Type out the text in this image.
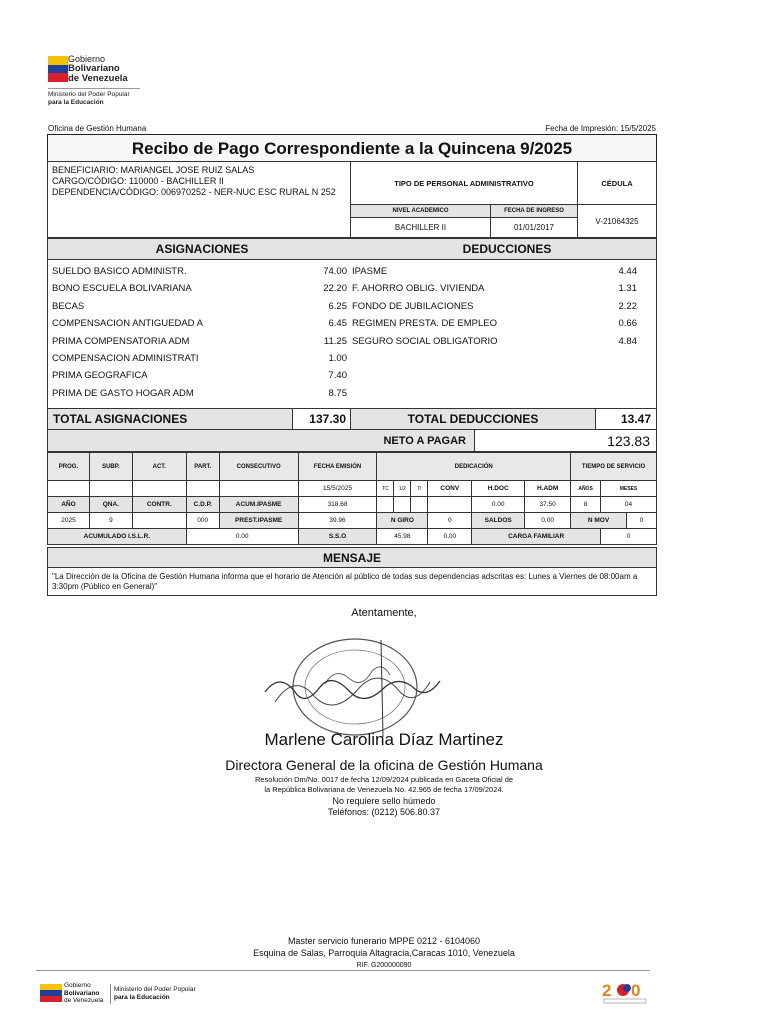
Gobierno
Bolivariano
de Venezuela
Ministerio del Poder Popular
para la Educación
Oficina de Gestión Humana	Fecha de Impresión: 15/5/2025
Recibo de Pago Correspondiente a la Quincena 9/2025
BENEFICIARIO: MARIANGEL JOSE RUIZ SALAS
CARGO/CÓDIGO: 110000 - BACHILLER II
DEPENDENCIA/CÓDIGO: 006970252 - NER-NUC ESC RURAL N 252
TIPO DE PERSONAL ADMINISTRATIVO	CÉDULA
NIVEL ACADEMICO	FECHA DE INGRESO
BACHILLER II	01/01/2017
V-21064325
ASIGNACIONES	DEDUCCIONES
SUELDO BASICO ADMINISTR.	74.00
BONO ESCUELA BOLIVARIANA	22.20
BECAS	6.25
COMPENSACION ANTIGUEDAD A	6.45
PRIMA COMPENSATORIA ADM	11.25
COMPENSACION ADMINISTRATI	1.00
PRIMA GEOGRAFICA	7.40
PRIMA DE GASTO HOGAR ADM	8.75
IPASME	4.44
F. AHORRO OBLIG. VIVIENDA	1.31
FONDO DE JUBILACIONES	2.22
REGIMEN PRESTA. DE EMPLEO	0.66
SEGURO SOCIAL OBLIGATORIO	4.84
TOTAL ASIGNACIONES	137.30	TOTAL DEDUCCIONES	13.47
NETO A PAGAR	123.83
PROG.	SUBP.	ACT.	PART.	CONSECUTIVO	FECHA EMISIÓN	DEDICACIÓN						TIEMPO DE SERVICIO		
					15/5/2025	TC	1/2	TI	CONV	H.DOC	H.ADM	AÑOS	MESES	
AÑO	QNA.	CONTR.	C.D.P.	ACUM.IPASME	318.68					0.00	37.50	8	04	
2025	9		000	PREST.IPASME	39.96	N GIRO			0	SALDOS	0,00	N MOV		0
ACUMULADO I.S.L.R.			0.00		S.S.O	45.98			0,00	CARGA FAMILIAR			0	
MENSAJE
"La Dirección de la Oficina de Gestión Humana informa que el horario de Atención al público de todas sus dependencias adscritas es: Lunes a Viernes de 08:00am a 3:30pm (Público en General)"
Atentamente,
Marlene Carolina Díaz Martinez
Directora General de la oficina de Gestión Humana
Resolución Dm/No. 0017 de fecha 12/09/2024 publicada en Gaceta Oficial de
la República Bolivariana de Venezuela No. 42.965 de fecha 17/09/2024.
No requiere sello húmedo
Teléfonos: (0212) 506.80.37
Master servicio funerario MPPE 0212 - 6104060
Esquina de Salas, Parroquia Altagracia,Caracas 1010, Venezuela
RIF. G200000090
Gobierno
Bolivariano
de Venezuela
Ministerio del Poder Popular
para la Educación	2 0
